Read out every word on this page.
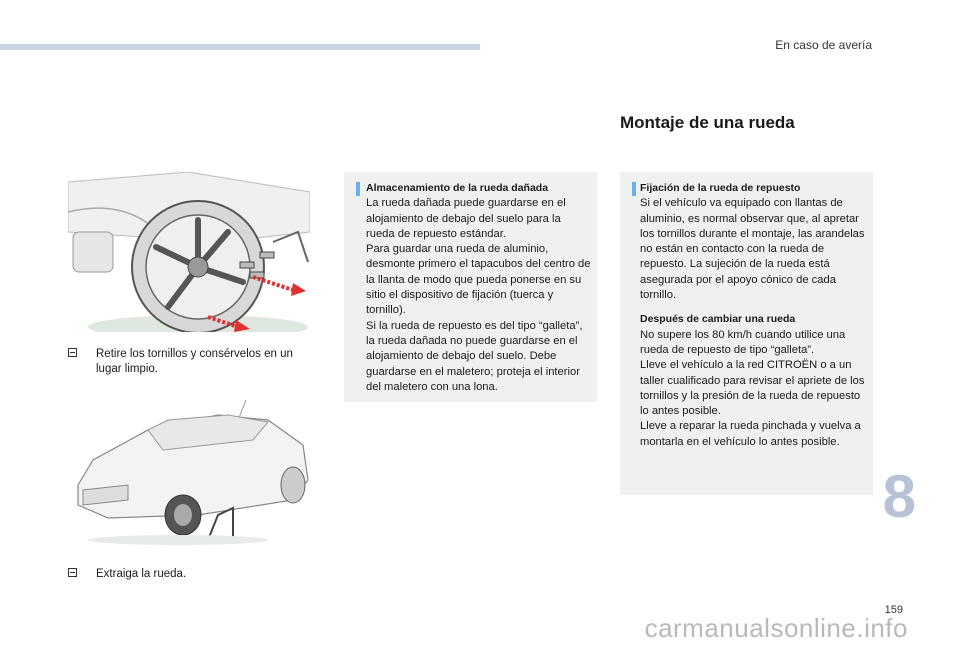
En caso de avería
Montaje de una rueda
Retire los tornillos y consérvelos en un lugar limpio.
Extraiga la rueda.

Almacenamiento de la rueda dañada

La rueda dañada puede guardarse en el alojamiento de debajo del suelo para la rueda de repuesto estándar.

Para guardar una rueda de aluminio, desmonte primero el tapacubos del centro de la llanta de modo que pueda ponerse en su sitio el dispositivo de fijación (tuerca y tornillo).

Si la rueda de repuesto es del tipo “galleta”, la rueda dañada no puede guardarse en el alojamiento de debajo del suelo. Debe guardarse en el maletero; proteja el interior del maletero con una lona.

Fijación de la rueda de repuesto

Si el vehículo va equipado con llantas de aluminio, es normal observar que, al apretar los tornillos durante el montaje, las arandelas no están en contacto con la rueda de repuesto. La sujeción de la rueda está asegurada por el apoyo cónico de cada tornillo.

Después de cambiar una rueda

No supere los 80 km/h cuando utilice una rueda de repuesto de tipo “galleta”.

Lleve el vehículo a la red CITROËN o a un taller cualificado para revisar el apriete de los tornillos y la presión de la rueda de repuesto lo antes posible.

Lleve a reparar la rueda pinchada y vuelva a montarla en el vehículo lo antes posible.

8
159
carmanualsonline.info
